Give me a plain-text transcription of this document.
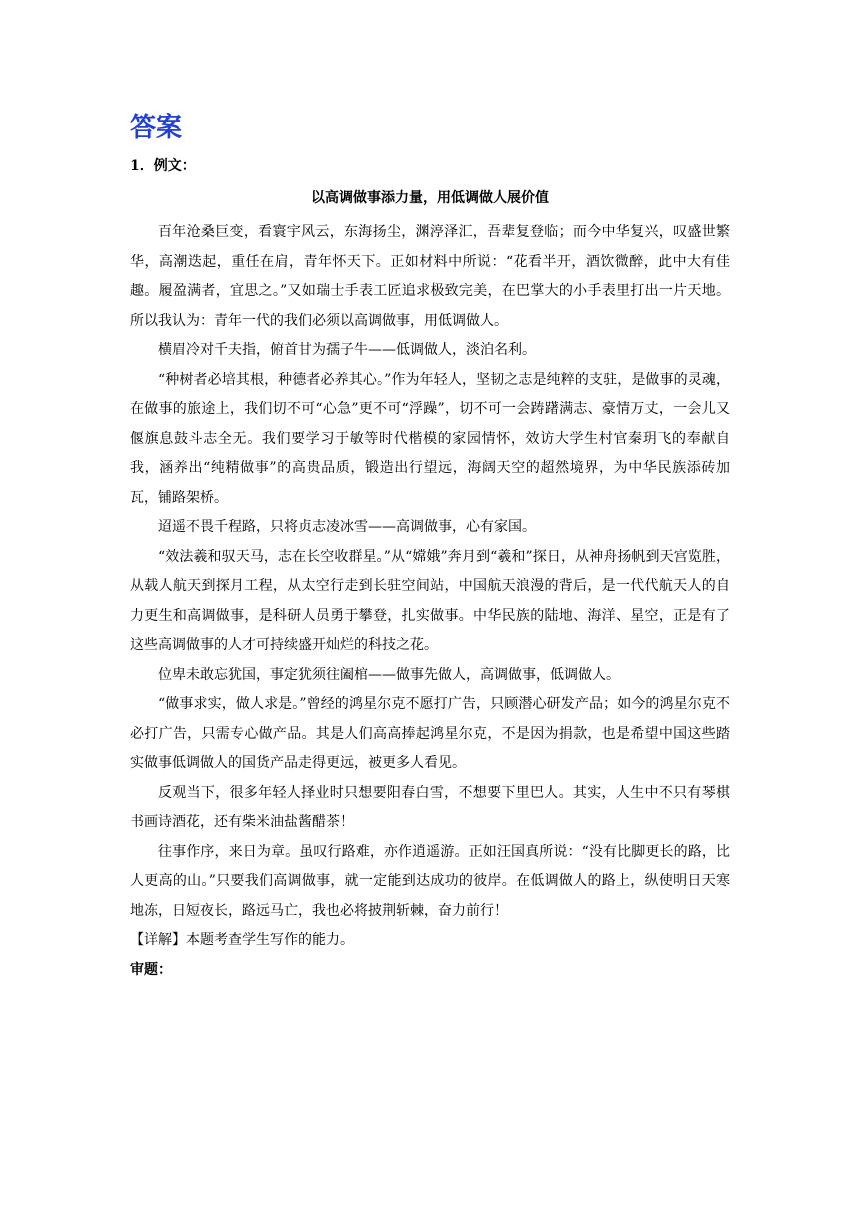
答案
1．例文：
以高调做事添力量，用低调做人展价值

百年沧桑巨变，看寰宇风云，东海扬尘，渊渟泽汇，吾辈复登临；而今中华复兴，叹盛世繁华，高潮迭起，重任在肩，青年怀天下。正如材料中所说：“花看半开，酒饮微醉，此中大有佳趣。履盈满者，宜思之。”又如瑞士手表工匠追求极致完美，在巴掌大的小手表里打出一片天地。所以我认为：青年一代的我们必须以高调做事，用低调做人。

横眉冷对千夫指，俯首甘为孺子牛——低调做人，淡泊名利。

“种树者必培其根，种德者必养其心。”作为年轻人，坚韧之志是纯粹的支驻，是做事的灵魂，在做事的旅途上，我们切不可“心急”更不可“浮躁”，切不可一会踌躇满志、豪情万丈，一会儿又偃旗息鼓斗志全无。我们要学习于敏等时代楷模的家园情怀，效访大学生村官秦玥飞的奉献自我，涵养出“纯精做事”的高贵品质，锻造出行望远，海阔天空的超然境界，为中华民族添砖加瓦，铺路架桥。

迢遥不畏千程路，只将贞志凌冰雪——高调做事，心有家国。

“效法羲和驭天马，志在长空收群星。”从“嫦娥”奔月到“羲和”探日，从神舟扬帆到天宫览胜，从载人航天到探月工程，从太空行走到长驻空间站，中国航天浪漫的背后，是一代代航天人的自力更生和高调做事，是科研人员勇于攀登，扎实做事。中华民族的陆地、海洋、星空，正是有了这些高调做事的人才可持续盛开灿烂的科技之花。

位卑未敢忘犹国，事定犹须往阖棺——做事先做人，高调做事，低调做人。

“做事求实，做人求是。”曾经的鸿星尔克不愿打广告，只顾潜心研发产品；如今的鸿星尔克不必打广告，只需专心做产品。其是人们高高捧起鸿星尔克，不是因为捐款，也是希望中国这些踏实做事低调做人的国货产品走得更远，被更多人看见。

反观当下，很多年轻人择业时只想要阳春白雪，不想要下里巴人。其实，人生中不只有琴棋书画诗酒花，还有柴米油盐酱醋茶！

往事作序，来日为章。虽叹行路难，亦作逍遥游。正如汪国真所说：“没有比脚更长的路，比人更高的山。”只要我们高调做事，就一定能到达成功的彼岸。在低调做人的路上，纵使明日天寒地冻，日短夜长，路远马亡，我也必将披荆斩棘，奋力前行！

【详解】本题考查学生写作的能力。

审题：
